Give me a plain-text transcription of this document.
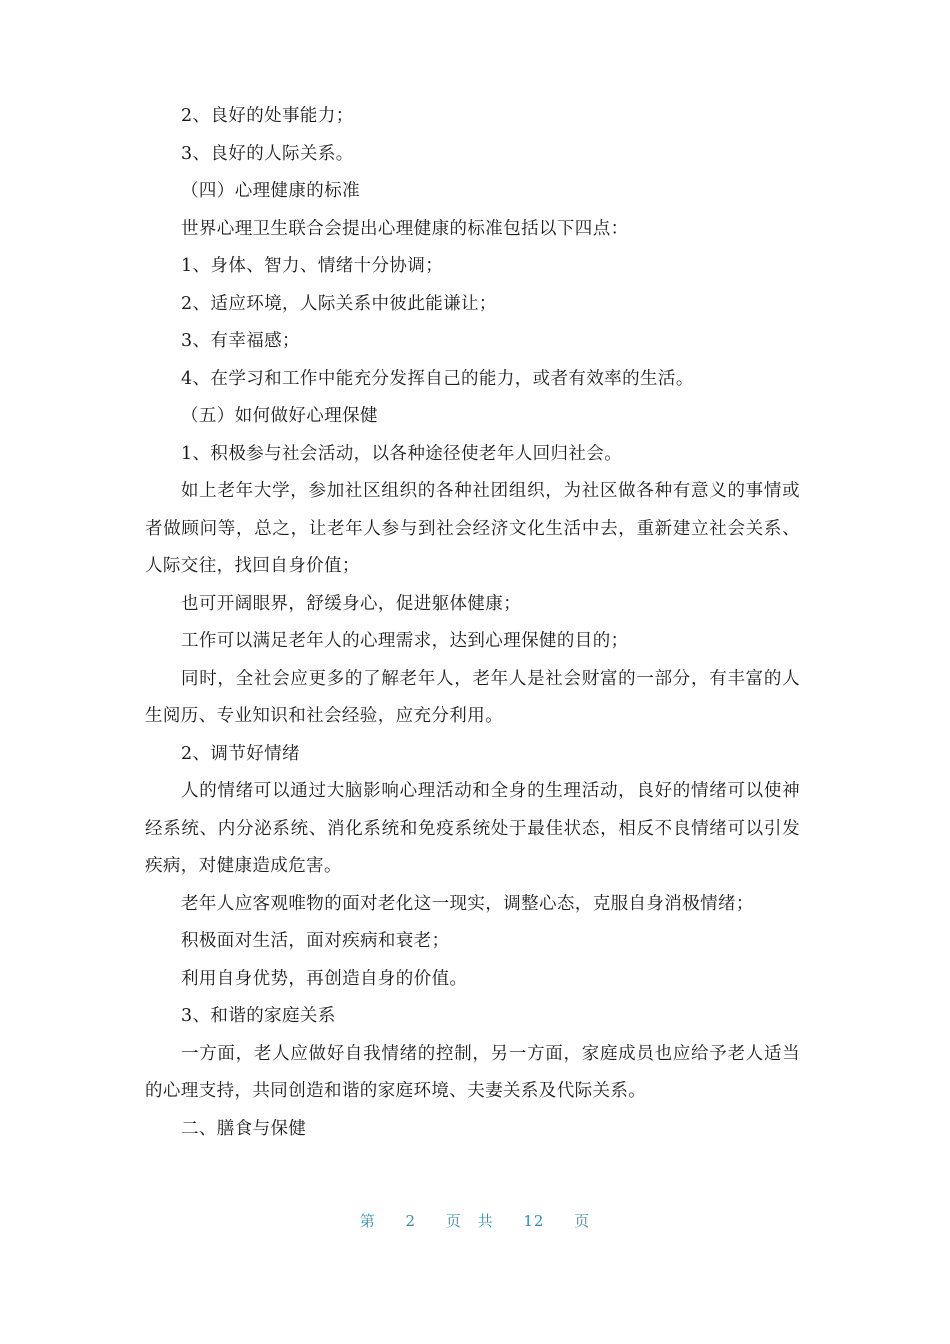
2、良好的处事能力；

3、良好的人际关系。

（四）心理健康的标准

世界心理卫生联合会提出心理健康的标准包括以下四点：

1、身体、智力、情绪十分协调；

2、适应环境，人际关系中彼此能谦让；

3、有幸福感；

4、在学习和工作中能充分发挥自己的能力，或者有效率的生活。

（五）如何做好心理保健

1、积极参与社会活动，以各种途径使老年人回归社会。

如上老年大学，参加社区组织的各种社团组织，为社区做各种有意义的事情或者做顾问等，总之，让老年人参与到社会经济文化生活中去，重新建立社会关系、人际交往，找回自身价值；

也可开阔眼界，舒缓身心，促进躯体健康；

工作可以满足老年人的心理需求，达到心理保健的目的；

同时，全社会应更多的了解老年人，老年人是社会财富的一部分，有丰富的人生阅历、专业知识和社会经验，应充分利用。

2、调节好情绪

人的情绪可以通过大脑影响心理活动和全身的生理活动，良好的情绪可以使神经系统、内分泌系统、消化系统和免疫系统处于最佳状态，相反不良情绪可以引发疾病，对健康造成危害。

老年人应客观唯物的面对老化这一现实，调整心态，克服自身消极情绪；

积极面对生活，面对疾病和衰老；

利用自身优势，再创造自身的价值。

3、和谐的家庭关系

一方面，老人应做好自我情绪的控制，另一方面，家庭成员也应给予老人适当的心理支持，共同创造和谐的家庭环境、夫妻关系及代际关系。

二、膳食与保健

第 2 页 共 12 页
